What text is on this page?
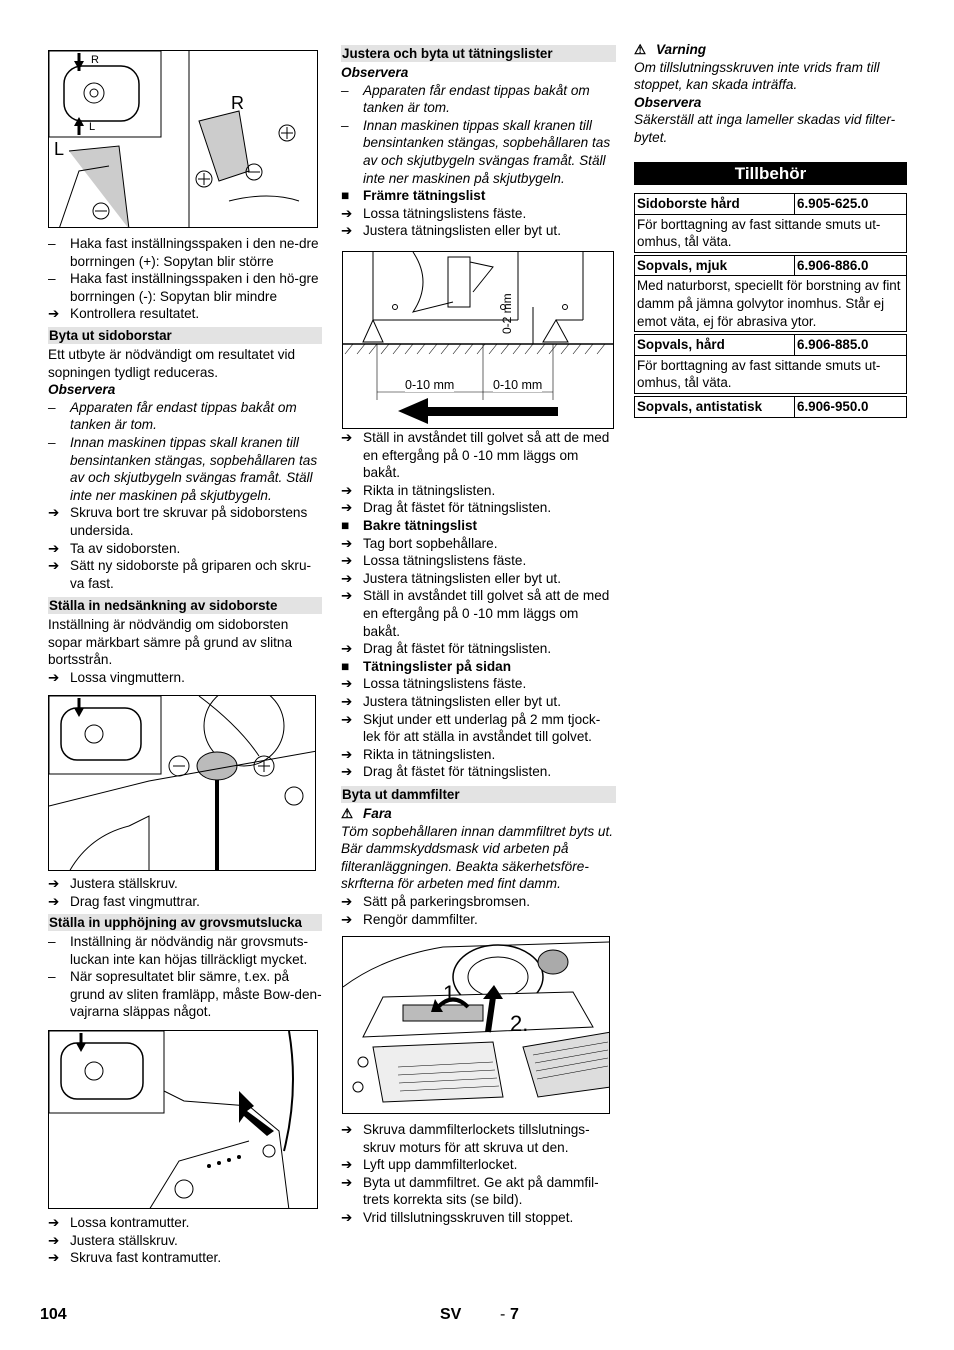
R
L
R
L
–	Haka fast inställningsspaken i den ne-dre borrningen (+): Sopytan blir större
–	Haka fast inställningsspaken i den hö-gre borrningen (-): Sopytan blir mindre
➔ Kontrollera resultatet.
Byta ut sidoborstar

Ett utbyte är nödvändigt om resultatet vid sopningen tydligt reduceras.

Observera

–	Apparaten får endast tippas bakåt om tanken är tom.
–	Innan maskinen tippas skall kranen till bensintanken stängas, sopbehållaren tas av och skjutbygeln svängas framåt. Ställ inte ner maskinen på skjutbygeln.
➔ Skruva bort tre skruvar på sidoborstens undersida.
➔ Ta av sidoborsten.
➔ Sätt ny sidoborste på griparen och skru-va fast.
Ställa in nedsänkning av sidoborste

Inställning är nödvändig om sidoborsten sopar märkbart sämre på grund av slitna bortsstrån.

➔ Lossa vingmuttern.
➔ Justera ställskruv.
➔ Drag fast vingmuttrar.
Ställa in upphöjning av grovsmutslucka
–	Inställning är nödvändig när grovsmuts-luckan inte kan höjas tillräckligt mycket.
–	När sopresultatet blir sämre, t.ex. på grund av sliten framläpp, måste Bow-den-vajrarna släppas något.
➔ Lossa kontramutter.
➔ Justera ställskruv.
➔ Skruva fast kontramutter.
Justera och byta ut tätningslister

Observera

–	Apparaten får endast tippas bakåt om tanken är tom.
–	Innan maskinen tippas skall kranen till bensintanken stängas, sopbehållaren tas av och skjutbygeln svängas framåt. Ställ inte ner maskinen på skjutbygeln.
■	Främre tätningslist
➔ Lossa tätningslistens fäste.
➔ Justera tätningslisten eller byt ut.
0-2 mm
0-10 mm	0-10 mm
➔ Ställ in avståndet till golvet så att de med en eftergång på 0 -10 mm läggs om bakåt.
➔ Rikta in tätningslisten.
➔ Drag åt fästet för tätningslisten.
■	Bakre tätningslist
➔ Tag bort sopbehållare.
➔ Lossa tätningslistens fäste.
➔ Justera tätningslisten eller byt ut.
➔ Ställ in avståndet till golvet så att de med en eftergång på 0 -10 mm läggs om bakåt.
➔ Drag åt fästet för tätningslisten.
■	Tätningslister på sidan
➔ Lossa tätningslistens fäste.
➔ Justera tätningslisten eller byt ut.
➔ Skjut under ett underlag på 2 mm tjock-lek för att ställa in avståndet till golvet.
➔ Rikta in tätningslisten.
➔ Drag åt fästet för tätningslisten.
Byta ut dammfilter
⚠ Fara

Töm sopbehållaren innan dammfiltret byts ut. Bär dammskyddsmask vid arbeten på filteranläggningen. Beakta säkerhetsföre-skrfterna för arbeten med fint damm.

➔ Sätt på parkeringsbromsen.
➔ Rengör dammfilter.
1.
2.
➔ Skruva dammfilterlockets tillslutnings-skruv moturs för att skruva ut den.
➔ Lyft upp dammfilterlocket.
➔ Byta ut dammfiltret. Ge akt på dammfil-trets korrekta sits (se bild).
➔ Vrid tillslutningsskruven till stoppet.
⚠ Varning

Om tillslutningsskruven inte vrids fram till stoppet, kan skada inträffa.

Observera

Säkerställ att inga lameller skadas vid filter-bytet.

Tillbehör
Sidoborste hård	6.905-625.0
För borttagning av fast sittande smuts ut-omhus, tål väta.	

Sopvals, mjuk	6.906-886.0
Med naturborst, speciellt för borstning av fint damm på jämna golvytor inomhus. Står ej emot väta, ej för abrasiva ytor.	

Sopvals, hård	6.906-885.0
För borttagning av fast sittande smuts ut-omhus, tål väta.	

Sopvals, antistatisk	6.906-950.0
104	SV - 7
